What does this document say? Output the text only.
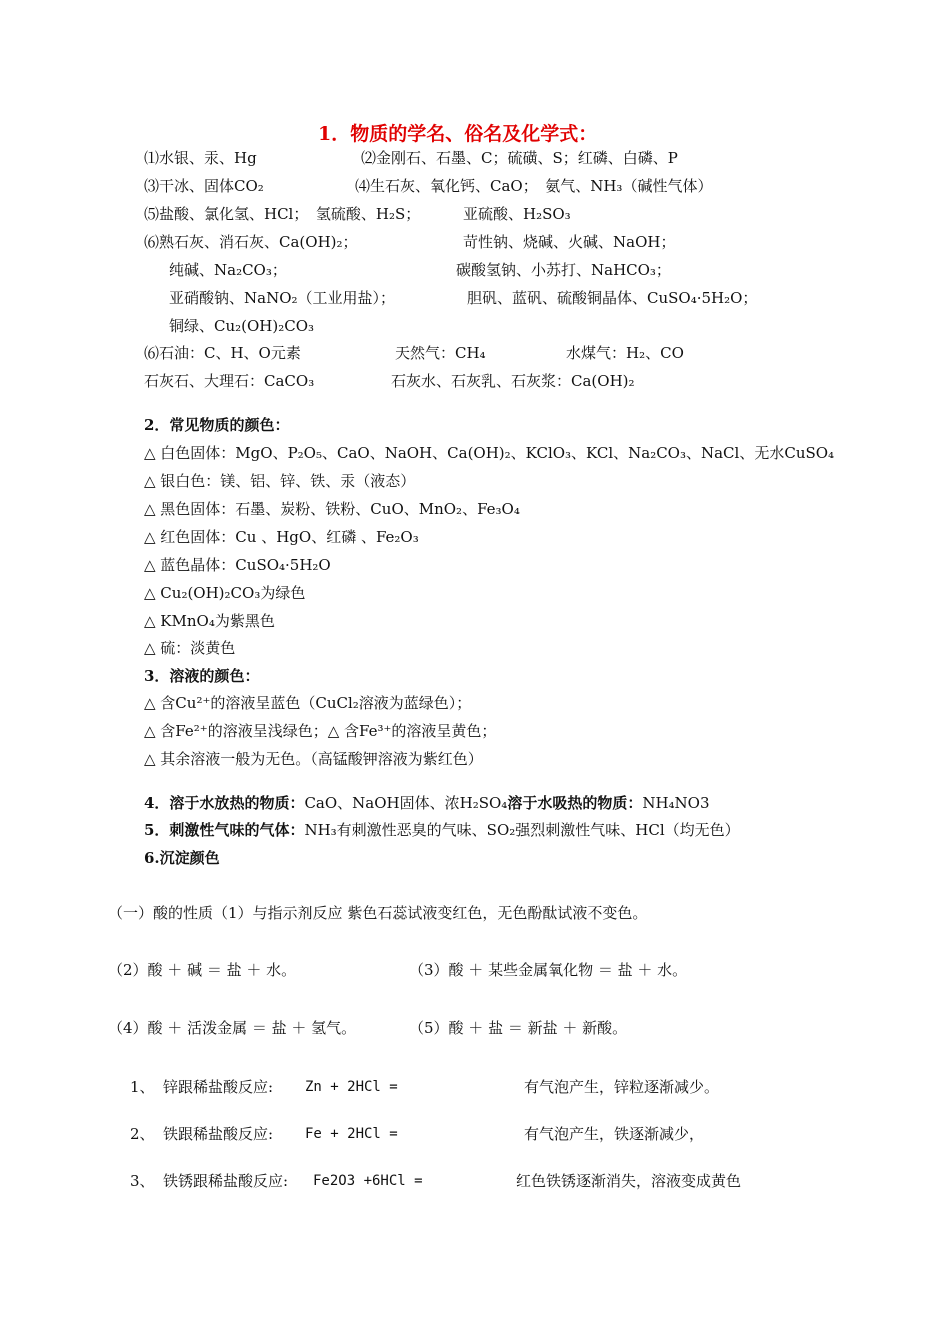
1．物质的学名、俗名及化学式：
⑴水银、汞、Hg	⑵金刚石、石墨、C；硫磺、S；红磷、白磷、P
⑶干冰、固体CO₂	⑷生石灰、氧化钙、CaO；　氨气、NH₃（碱性气体）
⑸盐酸、氯化氢、HCl；　氢硫酸、H₂S；	亚硫酸、H₂SO₃
⑹熟石灰、消石灰、Ca(OH)₂；	苛性钠、烧碱、火碱、NaOH；
纯碱、Na₂CO₃；	碳酸氢钠、小苏打、NaHCO₃；
亚硝酸钠、NaNO₂（工业用盐）；	胆矾、蓝矾、硫酸铜晶体、CuSO₄·5H₂O；
铜绿、Cu₂(OH)₂CO₃
⑹石油：C、H、O元素	天然气：CH₄	水煤气：H₂、CO
石灰石、大理石：CaCO₃	石灰水、石灰乳、石灰浆：Ca(OH)₂
2．常见物质的颜色：
△ 白色固体：MgO、P₂O₅、CaO、NaOH、Ca(OH)₂、KClO₃、KCl、Na₂CO₃、NaCl、无水CuSO₄
△ 银白色：镁、铝、锌、铁、汞（液态）
△ 黑色固体：石墨、炭粉、铁粉、CuO、MnO₂、Fe₃O₄
△ 红色固体：Cu 、HgO、红磷 、Fe₂O₃
△ 蓝色晶体：CuSO₄·5H₂O
△ Cu₂(OH)₂CO₃为绿色
△ KMnO₄为紫黑色
△ 硫：淡黄色
3．溶液的颜色：
△ 含Cu²⁺的溶液呈蓝色（CuCl₂溶液为蓝绿色）；
△ 含Fe²⁺的溶液呈浅绿色；△ 含Fe³⁺的溶液呈黄色；
△ 其余溶液一般为无色。（高锰酸钾溶液为紫红色）
4．溶于水放热的物质：CaO、NaOH固体、浓H₂SO₄溶于水吸热的物质：NH₄NO3
5．刺激性气味的气体：NH₃有刺激性恶臭的气味、SO₂强烈刺激性气味、HCl（均无色）
6.沉淀颜色
（一）酸的性质（1）与指示剂反应 紫色石蕊试液变红色，无色酚酞试液不变色。
（2）酸 ＋ 碱 ＝ 盐 ＋ 水。	（3）酸 ＋ 某些金属氧化物 ＝ 盐 ＋ 水。
（4）酸 ＋ 活泼金属 ＝ 盐 ＋ 氢气。	（5）酸 ＋ 盐 ＝ 新盐 ＋ 新酸。
1、 锌跟稀盐酸反应: Zn + 2HCl =	有气泡产生，锌粒逐渐减少。
2、 铁跟稀盐酸反应: Fe + 2HCl =	有气泡产生，铁逐渐减少，
3、 铁锈跟稀盐酸反应: Fe2O3 +6HCl =	红色铁锈逐渐消失，溶液变成黄色
